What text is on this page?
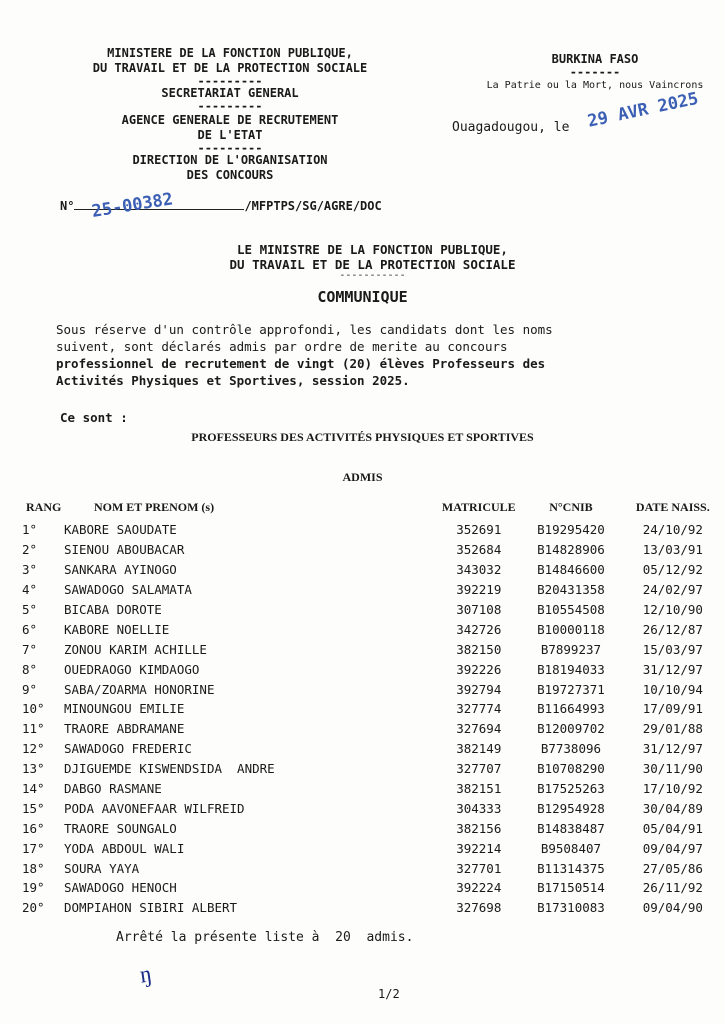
MINISTERE DE LA FONCTION PUBLIQUE,
DU TRAVAIL ET DE LA PROTECTION SOCIALE
---------
SECRETARIAT GENERAL
---------
AGENCE GENERALE DE RECRUTEMENT
DE L'ETAT
---------
DIRECTION DE L'ORGANISATION
DES CONCOURS
BURKINA FASO
-------
La Patrie ou la Mort, nous Vaincrons
Ouagadougou, le 29 AVR 2025
N°	/MFPTPS/SG/AGRE/DOC
25-00382
LE MINISTRE DE LA FONCTION PUBLIQUE,
DU TRAVAIL ET DE LA PROTECTION SOCIALE
-----------
COMMUNIQUE
Sous réserve d'un contrôle approfondi, les candidats dont les noms
suivent, sont déclarés admis par ordre de merite au concours
professionnel de recrutement de vingt (20) élèves Professeurs des
Activités Physiques et Sportives, session 2025.
Ce sont :
PROFESSEURS DES ACTIVITÉS PHYSIQUES ET SPORTIVES
ADMIS
RANG	NOM ET PRENOM (s)	MATRICULE	N°CNIB	DATE NAISS.
1°	KABORE SAOUDATE	352691	B19295420	24/10/92
2°	SIENOU ABOUBACAR	352684	B14828906	13/03/91
3°	SANKARA AYINOGO	343032	B14846600	05/12/92
4°	SAWADOGO SALAMATA	392219	B20431358	24/02/97
5°	BICABA DOROTE	307108	B10554508	12/10/90
6°	KABORE NOELLIE	342726	B10000118	26/12/87
7°	ZONOU KARIM ACHILLE	382150	B7899237	15/03/97
8°	OUEDRAOGO KIMDAOGO	392226	B18194033	31/12/97
9°	SABA/ZOARMA HONORINE	392794	B19727371	10/10/94
10°	MINOUNGOU EMILIE	327774	B11664993	17/09/91
11°	TRAORE ABDRAMANE	327694	B12009702	29/01/88
12°	SAWADOGO FREDERIC	382149	B7738096	31/12/97
13°	DJIGUEMDE KISWENDSIDA  ANDRE	327707	B10708290	30/11/90
14°	DABGO RASMANE	382151	B17525263	17/10/92
15°	PODA AAVONEFAAR WILFREID	304333	B12954928	30/04/89
16°	TRAORE SOUNGALO	382156	B14838487	05/04/91
17°	YODA ABDOUL WALI	392214	B9508407	09/04/97
18°	SOURA YAYA	327701	B11314375	27/05/86
19°	SAWADOGO HENOCH	392224	B17150514	26/11/92
20°	DOMPIAHON SIBIRI ALBERT	327698	B17310083	09/04/90
Arrêté la présente liste à 20 admis.
ŋ
1/2
